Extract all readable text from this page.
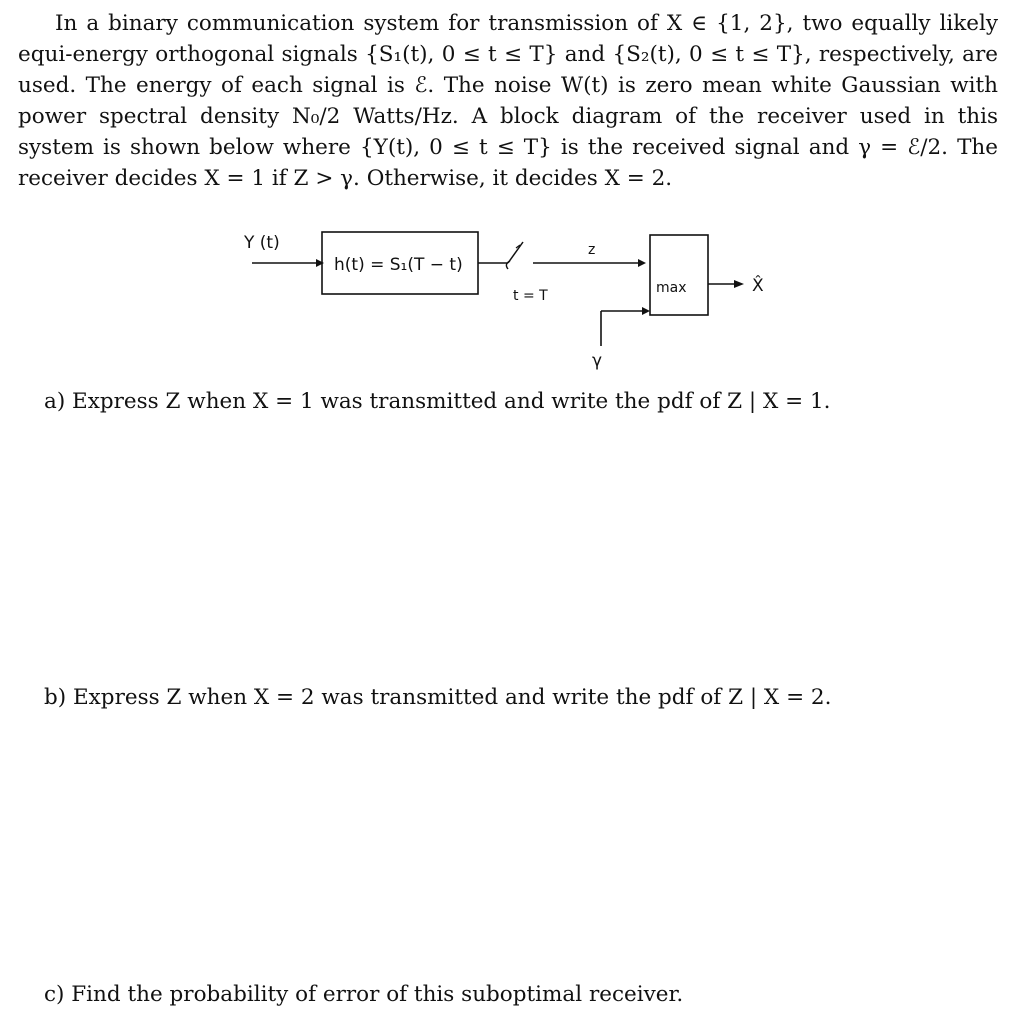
In a binary communication system for transmission of X ∈ {1, 2}, two equally likely equi-energy orthogonal signals {S₁(t), 0 ≤ t ≤ T} and {S₂(t), 0 ≤ t ≤ T}, respectively, are used. The energy of each signal is ℰ. The noise W(t) is zero mean white Gaussian with power spectral density N₀/2 Watts/Hz. A block diagram of the receiver used in this system is shown below where {Y(t), 0 ≤ t ≤ T} is the received signal and γ = ℰ/2. The receiver decides X = 1 if Z > γ. Otherwise, it decides X = 2.

Y (t)
h(t) = S₁(T − t)
t = T
z
max
γ
X̂
a) Express Z when X = 1 was transmitted and write the pdf of Z | X = 1.
b) Express Z when X = 2 was transmitted and write the pdf of Z | X = 2.
c) Find the probability of error of this suboptimal receiver.
